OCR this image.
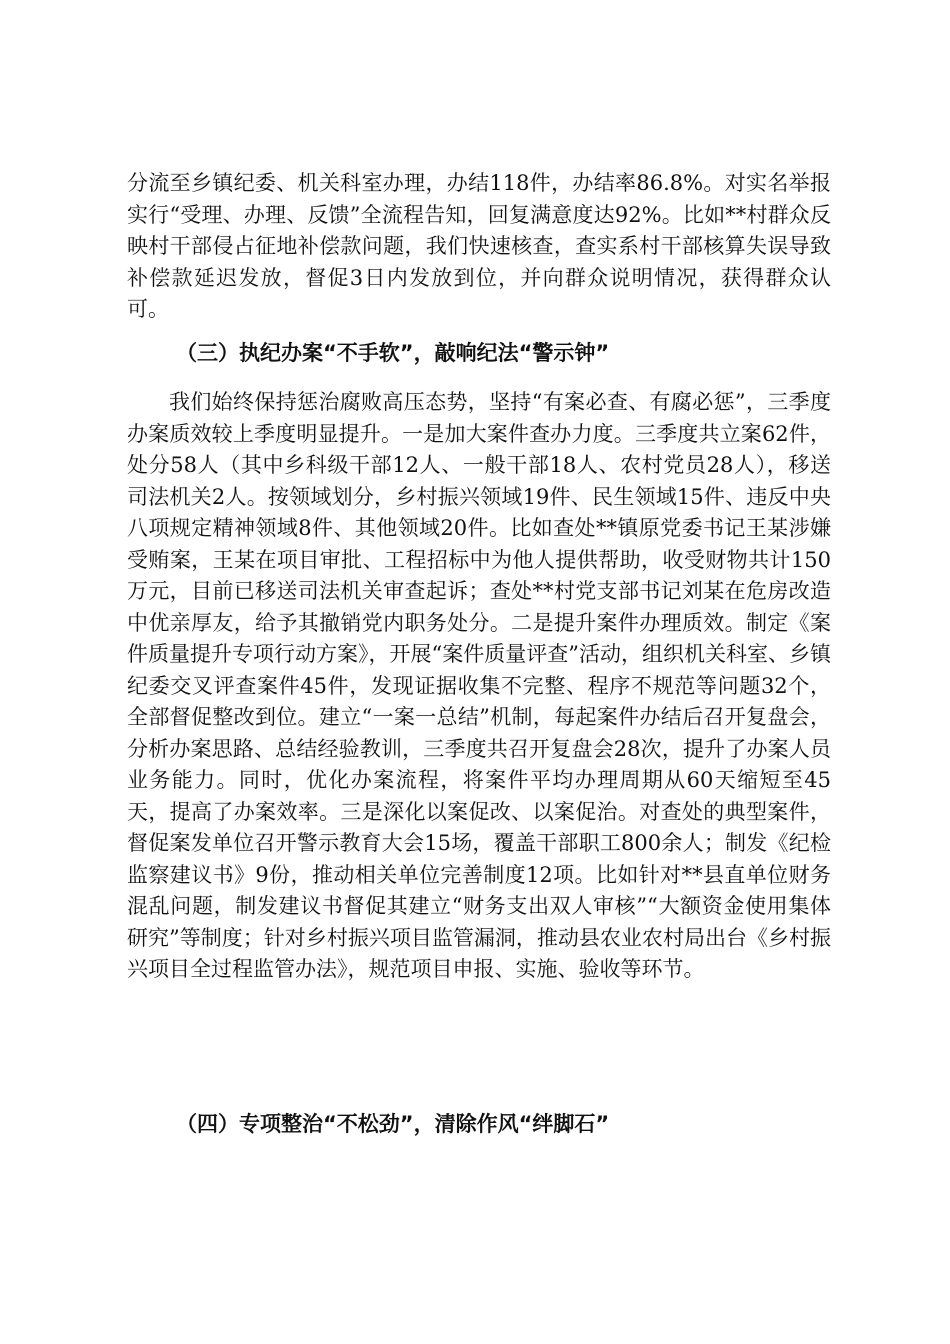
分流至乡镇纪委、机关科室办理，办结118件，办结率86.8%。对实名举报实行“受理、办理、反馈”全流程告知，回复满意度达92%。比如**村群众反映村干部侵占征地补偿款问题，我们快速核查，查实系村干部核算失误导致补偿款延迟发放，督促3日内发放到位，并向群众说明情况，获得群众认可。

（三）执纪办案“不手软”，敲响纪法“警示钟”

我们始终保持惩治腐败高压态势，坚持“有案必查、有腐必惩”，三季度办案质效较上季度明显提升。一是加大案件查办力度。三季度共立案62件，处分58人（其中乡科级干部12人、一般干部18人、农村党员28人），移送司法机关2人。按领域划分，乡村振兴领域19件、民生领域15件、违反中央八项规定精神领域8件、其他领域20件。比如查处**镇原党委书记王某涉嫌受贿案，王某在项目审批、工程招标中为他人提供帮助，收受财物共计150万元，目前已移送司法机关审查起诉；查处**村党支部书记刘某在危房改造中优亲厚友，给予其撤销党内职务处分。二是提升案件办理质效。制定《案件质量提升专项行动方案》，开展“案件质量评查”活动，组织机关科室、乡镇纪委交叉评查案件45件，发现证据收集不完整、程序不规范等问题32个，全部督促整改到位。建立“一案一总结”机制，每起案件办结后召开复盘会，分析办案思路、总结经验教训，三季度共召开复盘会28次，提升了办案人员业务能力。同时，优化办案流程，将案件平均办理周期从60天缩短至45天，提高了办案效率。三是深化以案促改、以案促治。对查处的典型案件，督促案发单位召开警示教育大会15场，覆盖干部职工800余人；制发《纪检监察建议书》9份，推动相关单位完善制度12项。比如针对**县直单位财务混乱问题，制发建议书督促其建立“财务支出双人审核”“大额资金使用集体研究”等制度；针对乡村振兴项目监管漏洞，推动县农业农村局出台《乡村振兴项目全过程监管办法》，规范项目申报、实施、验收等环节。

（四）专项整治“不松劲”，清除作风“绊脚石”
